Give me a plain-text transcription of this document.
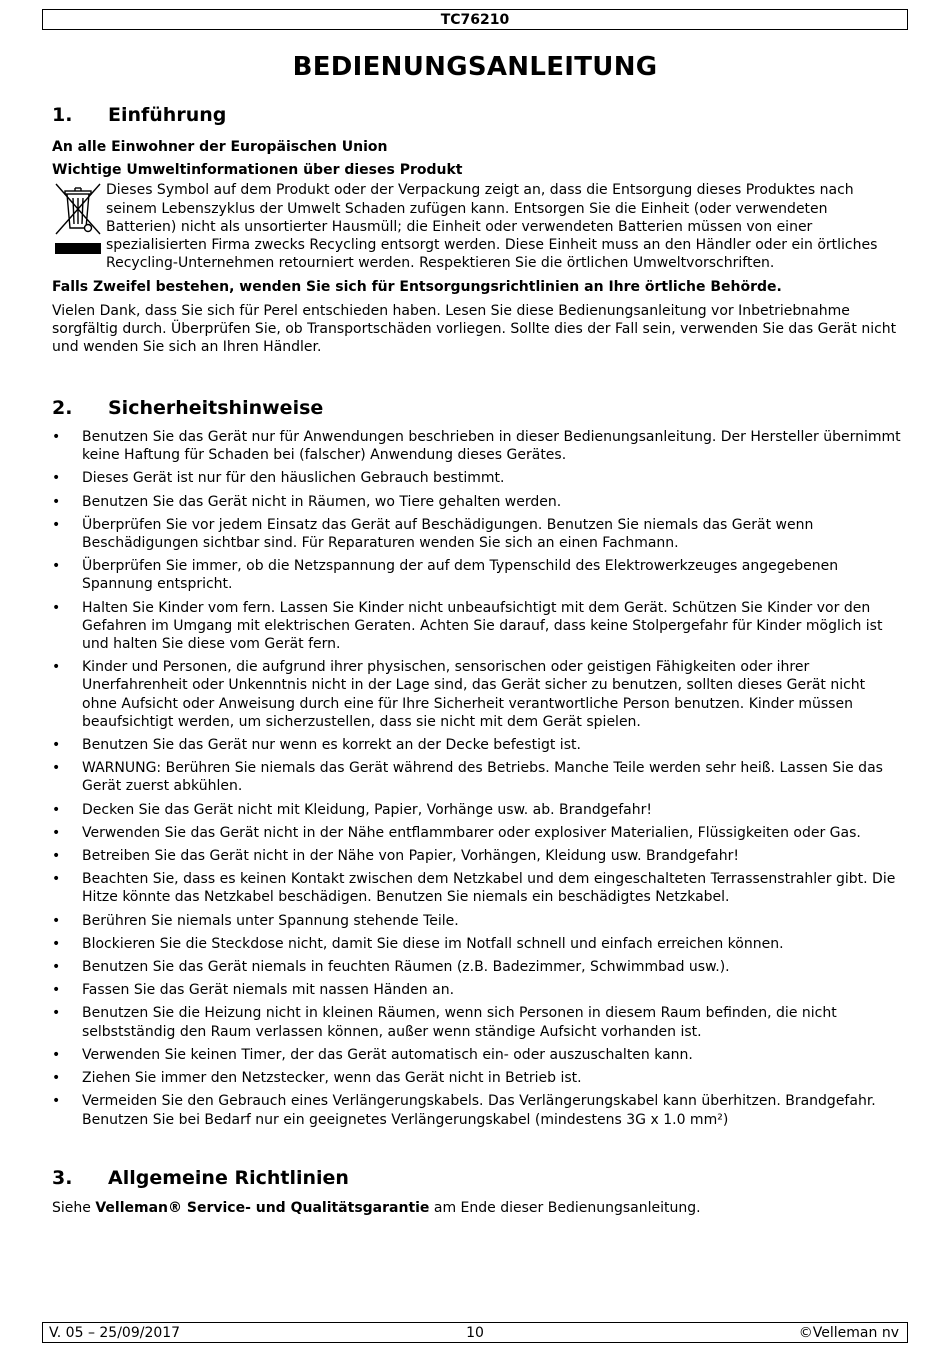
TC76210
BEDIENUNGSANLEITUNG
1. Einführung

An alle Einwohner der Europäischen Union

Wichtige Umweltinformationen über dieses Produkt

Dieses Symbol auf dem Produkt oder der Verpackung zeigt an, dass die Entsorgung dieses Produktes nach seinem Lebenszyklus der Umwelt Schaden zufügen kann. Entsorgen Sie die Einheit (oder verwendeten Batterien) nicht als unsortierter Hausmüll; die Einheit oder verwendeten Batterien müssen von einer spezialisierten Firma zwecks Recycling entsorgt werden. Diese Einheit muss an den Händler oder ein örtliches Recycling-Unternehmen retourniert werden. Respektieren Sie die örtlichen Umweltvorschriften.

Falls Zweifel bestehen, wenden Sie sich für Entsorgungsrichtlinien an Ihre örtliche Behörde.

Vielen Dank, dass Sie sich für Perel entschieden haben. Lesen Sie diese Bedienungsanleitung vor Inbetriebnahme sorgfältig durch. Überprüfen Sie, ob Transportschäden vorliegen. Sollte dies der Fall sein, verwenden Sie das Gerät nicht und wenden Sie sich an Ihren Händler.

2. Sicherheitshinweise
• Benutzen Sie das Gerät nur für Anwendungen beschrieben in dieser Bedienungsanleitung. Der Hersteller übernimmt keine Haftung für Schaden bei (falscher) Anwendung dieses Gerätes.
• Dieses Gerät ist nur für den häuslichen Gebrauch bestimmt.
• Benutzen Sie das Gerät nicht in Räumen, wo Tiere gehalten werden.
• Überprüfen Sie vor jedem Einsatz das Gerät auf Beschädigungen. Benutzen Sie niemals das Gerät wenn Beschädigungen sichtbar sind. Für Reparaturen wenden Sie sich an einen Fachmann.
• Überprüfen Sie immer, ob die Netzspannung der auf dem Typenschild des Elektrowerkzeuges angegebenen Spannung entspricht.
• Halten Sie Kinder vom fern. Lassen Sie Kinder nicht unbeaufsichtigt mit dem Gerät. Schützen Sie Kinder vor den Gefahren im Umgang mit elektrischen Geraten. Achten Sie darauf, dass keine Stolpergefahr für Kinder möglich ist und halten Sie diese vom Gerät fern.
• Kinder und Personen, die aufgrund ihrer physischen, sensorischen oder geistigen Fähigkeiten oder ihrer Unerfahrenheit oder Unkenntnis nicht in der Lage sind, das Gerät sicher zu benutzen, sollten dieses Gerät nicht ohne Aufsicht oder Anweisung durch eine für Ihre Sicherheit verantwortliche Person benutzen. Kinder müssen beaufsichtigt werden, um sicherzustellen, dass sie nicht mit dem Gerät spielen.
• Benutzen Sie das Gerät nur wenn es korrekt an der Decke befestigt ist.
• WARNUNG: Berühren Sie niemals das Gerät während des Betriebs. Manche Teile werden sehr heiß. Lassen Sie das Gerät zuerst abkühlen.
• Decken Sie das Gerät nicht mit Kleidung, Papier, Vorhänge usw. ab. Brandgefahr!
• Verwenden Sie das Gerät nicht in der Nähe entflammbarer oder explosiver Materialien, Flüssigkeiten oder Gas.
• Betreiben Sie das Gerät nicht in der Nähe von Papier, Vorhängen, Kleidung usw. Brandgefahr!
• Beachten Sie, dass es keinen Kontakt zwischen dem Netzkabel und dem eingeschalteten Terrassenstrahler gibt. Die Hitze könnte das Netzkabel beschädigen. Benutzen Sie niemals ein beschädigtes Netzkabel.
• Berühren Sie niemals unter Spannung stehende Teile.
• Blockieren Sie die Steckdose nicht, damit Sie diese im Notfall schnell und einfach erreichen können.
• Benutzen Sie das Gerät niemals in feuchten Räumen (z.B. Badezimmer, Schwimmbad usw.).
• Fassen Sie das Gerät niemals mit nassen Händen an.
• Benutzen Sie die Heizung nicht in kleinen Räumen, wenn sich Personen in diesem Raum befinden, die nicht selbstständig den Raum verlassen können, außer wenn ständige Aufsicht vorhanden ist.
• Verwenden Sie keinen Timer, der das Gerät automatisch ein- oder auszuschalten kann.
• Ziehen Sie immer den Netzstecker, wenn das Gerät nicht in Betrieb ist.
• Vermeiden Sie den Gebrauch eines Verlängerungskabels. Das Verlängerungskabel kann überhitzen. Brandgefahr. Benutzen Sie bei Bedarf nur ein geeignetes Verlängerungskabel (mindestens 3G x 1.0 mm²)
3. Allgemeine Richtlinien

Siehe Velleman® Service- und Qualitätsgarantie am Ende dieser Bedienungsanleitung.

V. 05 – 25/09/2017	10	©Velleman nv
